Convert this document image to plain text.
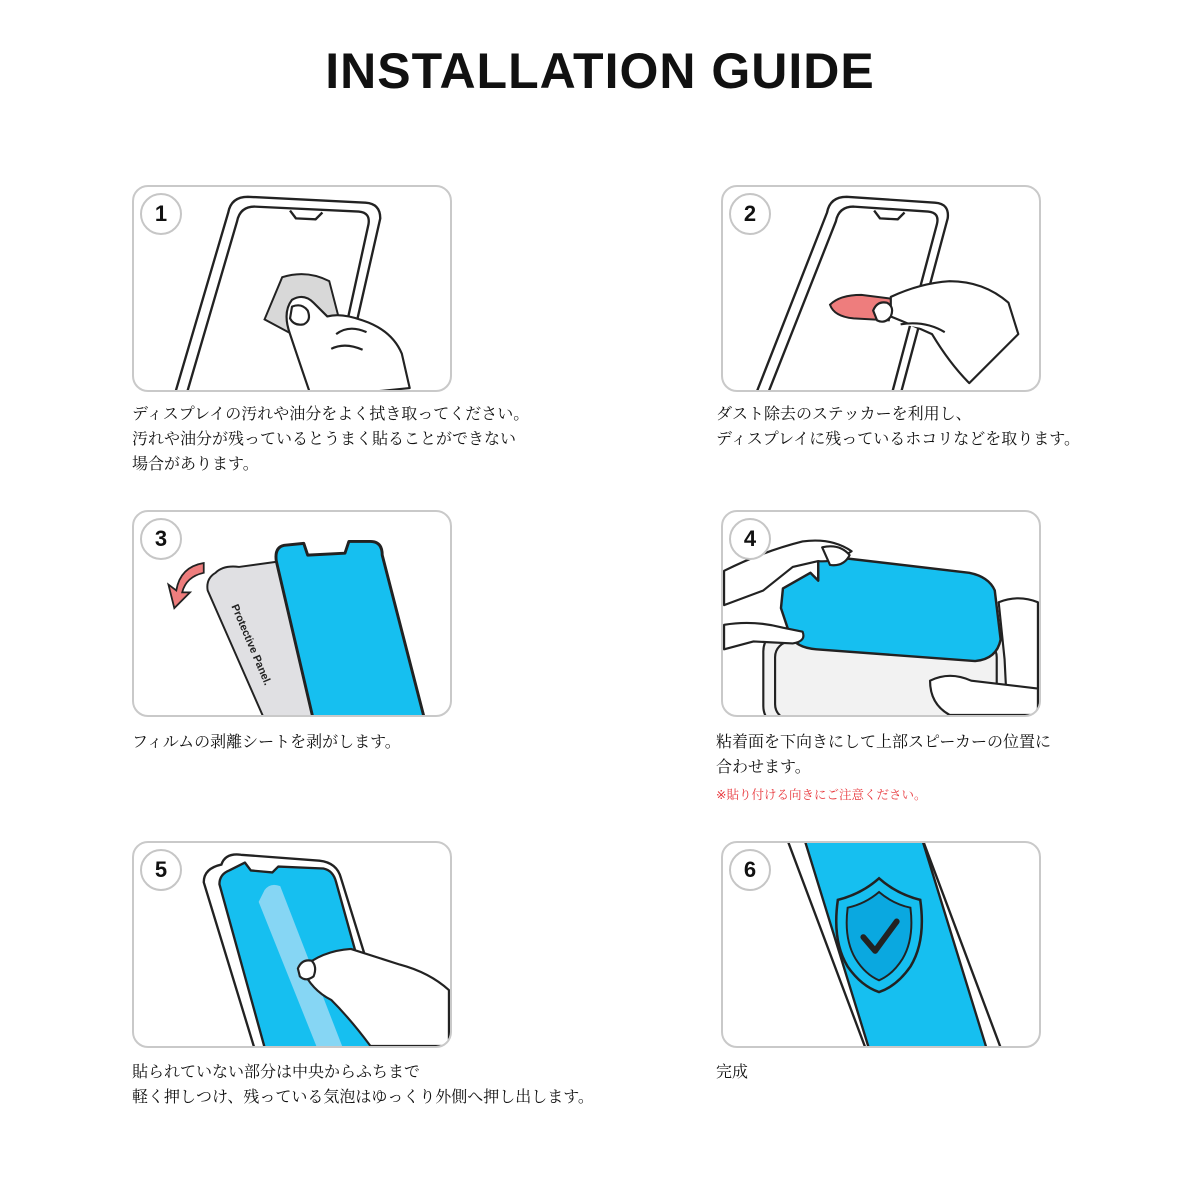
INSTALLATION GUIDE
1
ディスプレイの汚れや油分をよく拭き取ってください。
汚れや油分が残っているとうまく貼ることができない
場合があります。
2
ダスト除去のステッカーを利用し、
ディスプレイに残っているホコリなどを取ります。
3
Protective Panel.
フィルムの剥離シートを剥がします。
4
粘着面を下向きにして上部スピーカーの位置に
合わせます。
※貼り付ける向きにご注意ください。
5
貼られていない部分は中央からふちまで
軽く押しつけ、残っている気泡はゆっくり外側へ押し出します。
6
完成
